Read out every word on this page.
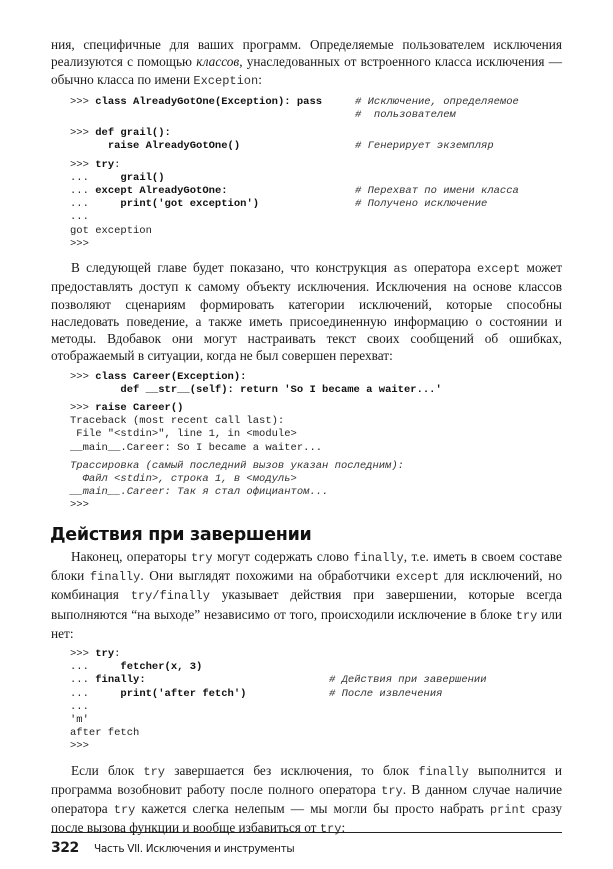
ния, специфичные для ваших программ. Определяемые пользователем исключения реализуются с помощью классов, унаследованных от встроенного класса исключения — обычно класса по имени Exception:

>>> class AlreadyGotOne(Exception): pass	# Исключение, определяемое
#  пользователем
>>> def grail():
raise AlreadyGotOne()	# Генерирует экземпляр
>>> try:
...     grail()
... except AlreadyGotOne:	# Перехват по имени класса
...     print('got exception')	# Получено исключение
...
got exception
>>>

В следующей главе будет показано, что конструкция as оператора except может предоставлять доступ к самому объекту исключения. Исключения на основе классов позволяют сценариям формировать категории исключений, которые способны наследовать поведение, а также иметь присоединенную информацию о состоянии и методы. Вдобавок они могут настраивать текст своих сообщений об ошибках, отображаемый в ситуации, когда не был совершен перехват:

>>> class Career(Exception):
def __str__(self): return 'So I became a waiter...'
>>> raise Career()
Traceback (most recent call last):
File "<stdin>", line 1, in <module>
__main__.Career: So I became a waiter...
Трассировка (самый последний вызов указан последним):
Файл <stdin>, строка 1, в <модуль>
__main__.Career: Так я стал официантом...
>>>
Действия при завершении

Наконец, операторы try могут содержать слово finally, т.е. иметь в своем составе блоки finally. Они выглядят похожими на обработчики except для исключений, но комбинация try/finally указывает действия при завершении, которые всегда выполняются “на выходе” независимо от того, происходили исключение в блоке try или нет:

>>> try:
...     fetcher(x, 3)
... finally:	# Действия при завершении
...     print('after fetch')	# После извлечения
...
'm'
after fetch
>>>

Если блок try завершается без исключения, то блок finally выполнится и программа возобновит работу после полного оператора try. В данном случае наличие оператора try кажется слегка нелепым — мы могли бы просто набрать print сразу после вызова функции и вообще избавиться от try:

322 Часть VII. Исключения и инструменты
